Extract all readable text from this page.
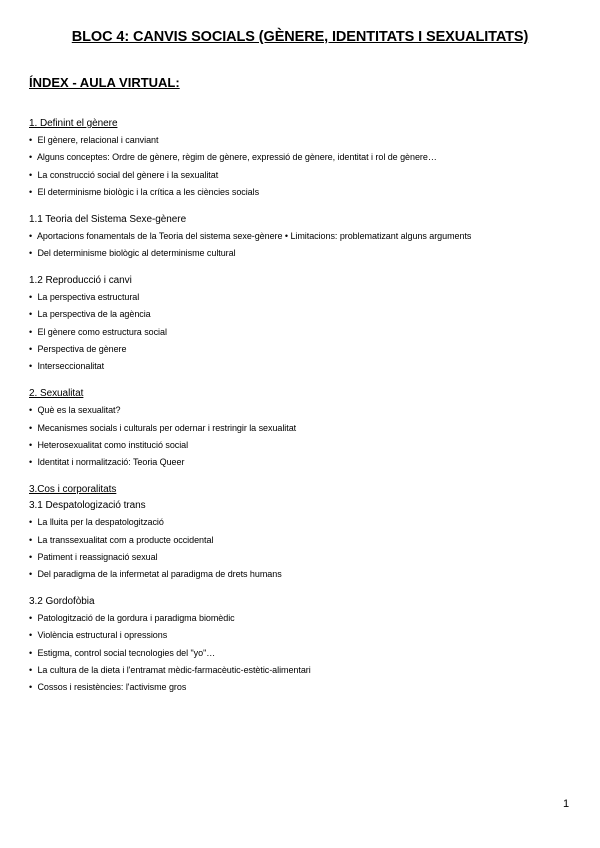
BLOC 4: CANVIS SOCIALS (GÈNERE, IDENTITATS I SEXUALITATS)
ÍNDEX - AULA VIRTUAL:

1. Definint el gènere

• El gènere, relacional i canviant
• Alguns conceptes: Ordre de gènere, règim de gènere, expressió de gènere, identitat i rol de gènere…
• La construcció social del gènere i la sexualitat
• El determinisme biològic i la crítica a les ciències socials

1.1 Teoria del Sistema Sexe-gènere

• Aportacions fonamentals de la Teoria del sistema sexe-gènere • Limitacions: problematizant alguns arguments
• Del determinisme biològic al determinisme cultural

1.2 Reproducció i canvi

• La perspectiva estructural
• La perspectiva de la agència
• El gènere como estructura social
• Perspectiva de gènere
• Interseccionalitat

2. Sexualitat

• Què es la sexualitat?
• Mecanismes socials i culturals per odernar i restringir la sexualitat
• Heterosexualitat como institució social
• Identitat i normalització: Teoria Queer

3.Cos i corporalitats

3.1 Despatologizació trans

• La lluita per la despatologització
• La transsexualitat com a producte occidental
• Patiment i reassignació sexual
• Del paradigma de la infermetat al paradigma de drets humans

3.2 Gordofòbia

• Patologització de la gordura i paradigma biomèdic
• Violència estructural i opressions
• Estigma, control social tecnologies del "yo"…
• La cultura de la dieta i l'entramat mèdic-farmacèutic-estètic-alimentari
• Cossos i resistències: l'activisme gros
1
